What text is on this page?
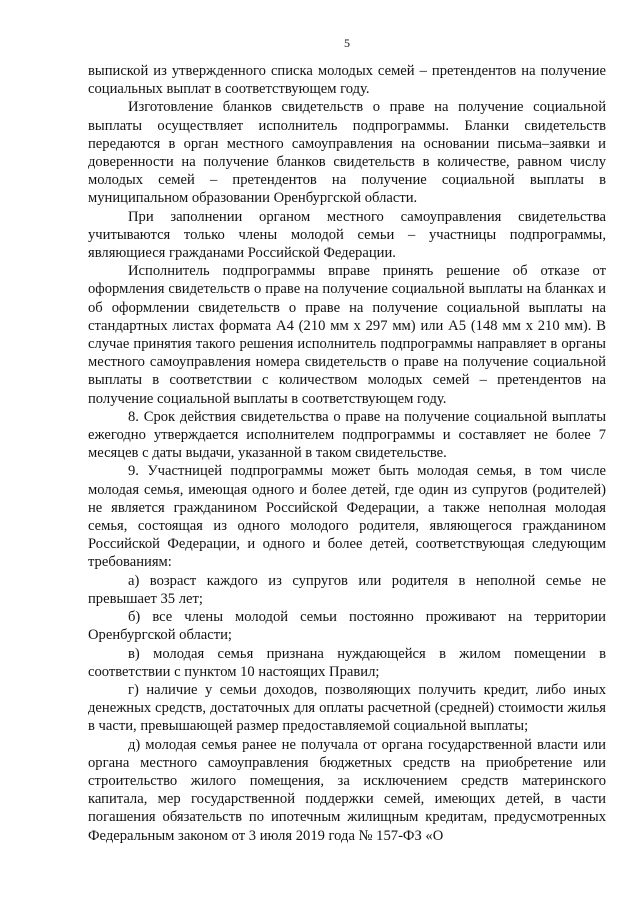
5

выпиской из утвержденного списка молодых семей – претендентов на получение социальных выплат в соответствующем году.

Изготовление бланков свидетельств о праве на получение социальной выплаты осуществляет исполнитель подпрограммы. Бланки свидетельств передаются в орган местного самоуправления на основании письма–заявки и доверенности на получение бланков свидетельств в количестве, равном числу молодых семей – претендентов на получение социальной выплаты в муниципальном образовании Оренбургской области.

При заполнении органом местного самоуправления свидетельства учитываются только члены молодой семьи – участницы подпрограммы, являющиеся гражданами Российской Федерации.

Исполнитель подпрограммы вправе принять решение об отказе от оформления свидетельств о праве на получение социальной выплаты на бланках и об оформлении свидетельств о праве на получение социальной выплаты на стандартных листах формата А4 (210 мм х 297 мм) или А5 (148 мм х 210 мм). В случае принятия такого решения исполнитель подпрограммы направляет в органы местного самоуправления номера свидетельств о праве на получение социальной выплаты в соответствии с количеством молодых семей – претендентов на получение социальной выплаты в соответствующем году.

8. Срок действия свидетельства о праве на получение социальной выплаты ежегодно утверждается исполнителем подпрограммы и составляет не более 7 месяцев с даты выдачи, указанной в таком свидетельстве.

9. Участницей подпрограммы может быть молодая семья, в том числе молодая семья, имеющая одного и более детей, где один из супругов (родителей) не является гражданином Российской Федерации, а также неполная молодая семья, состоящая из одного молодого родителя, являющегося гражданином Российской Федерации, и одного и более детей, соответствующая следующим требованиям:

а) возраст каждого из супругов или родителя в неполной семье не превышает 35 лет;

б) все члены молодой семьи постоянно проживают на территории Оренбургской области;

в) молодая семья признана нуждающейся в жилом помещении в соответствии с пунктом 10 настоящих Правил;

г) наличие у семьи доходов, позволяющих получить кредит, либо иных денежных средств, достаточных для оплаты расчетной (средней) стоимости жилья в части, превышающей размер предоставляемой социальной выплаты;

д) молодая семья ранее не получала от органа государственной власти или органа местного самоуправления бюджетных средств на приобретение или строительство жилого помещения, за исключением средств материнского капитала, мер государственной поддержки семей, имеющих детей, в части погашения обязательств по ипотечным жилищным кредитам, предусмотренных Федеральным законом от 3 июля 2019 года № 157-ФЗ «О
